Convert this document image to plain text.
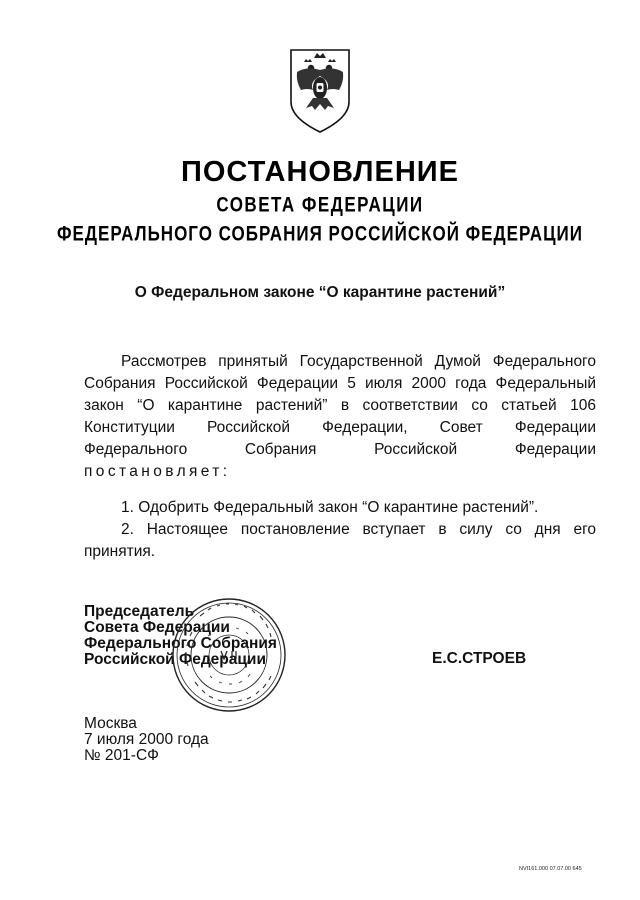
ПОСТАНОВЛЕНИЕ
СОВЕТА ФЕДЕРАЦИИ
ФЕДЕРАЛЬНОГО СОБРАНИЯ РОССИЙСКОЙ ФЕДЕРАЦИИ
О Федеральном законе “О карантине растений”
Рассмотрев принятый Государственной Думой Федерального
Собрания Российской Федерации 5 июля 2000 года Федеральный
закон “О карантине растений” в соответствии со статьей 106
Конституции Российской Федерации, Совет Федерации
Федерального Собрания Российской Федерации
постановляет:
1. Одобрить Федеральный закон “О карантине растений”.
2. Настоящее постановление вступает в силу со дня его
принятия.
Председатель
Совета Федерации
Федерального Собрания
Российской Федерации	Е.С.СТРОЕВ
Москва
7 июля 2000 года
№ 201-СФ
NVI161.000 07.07.00 645
